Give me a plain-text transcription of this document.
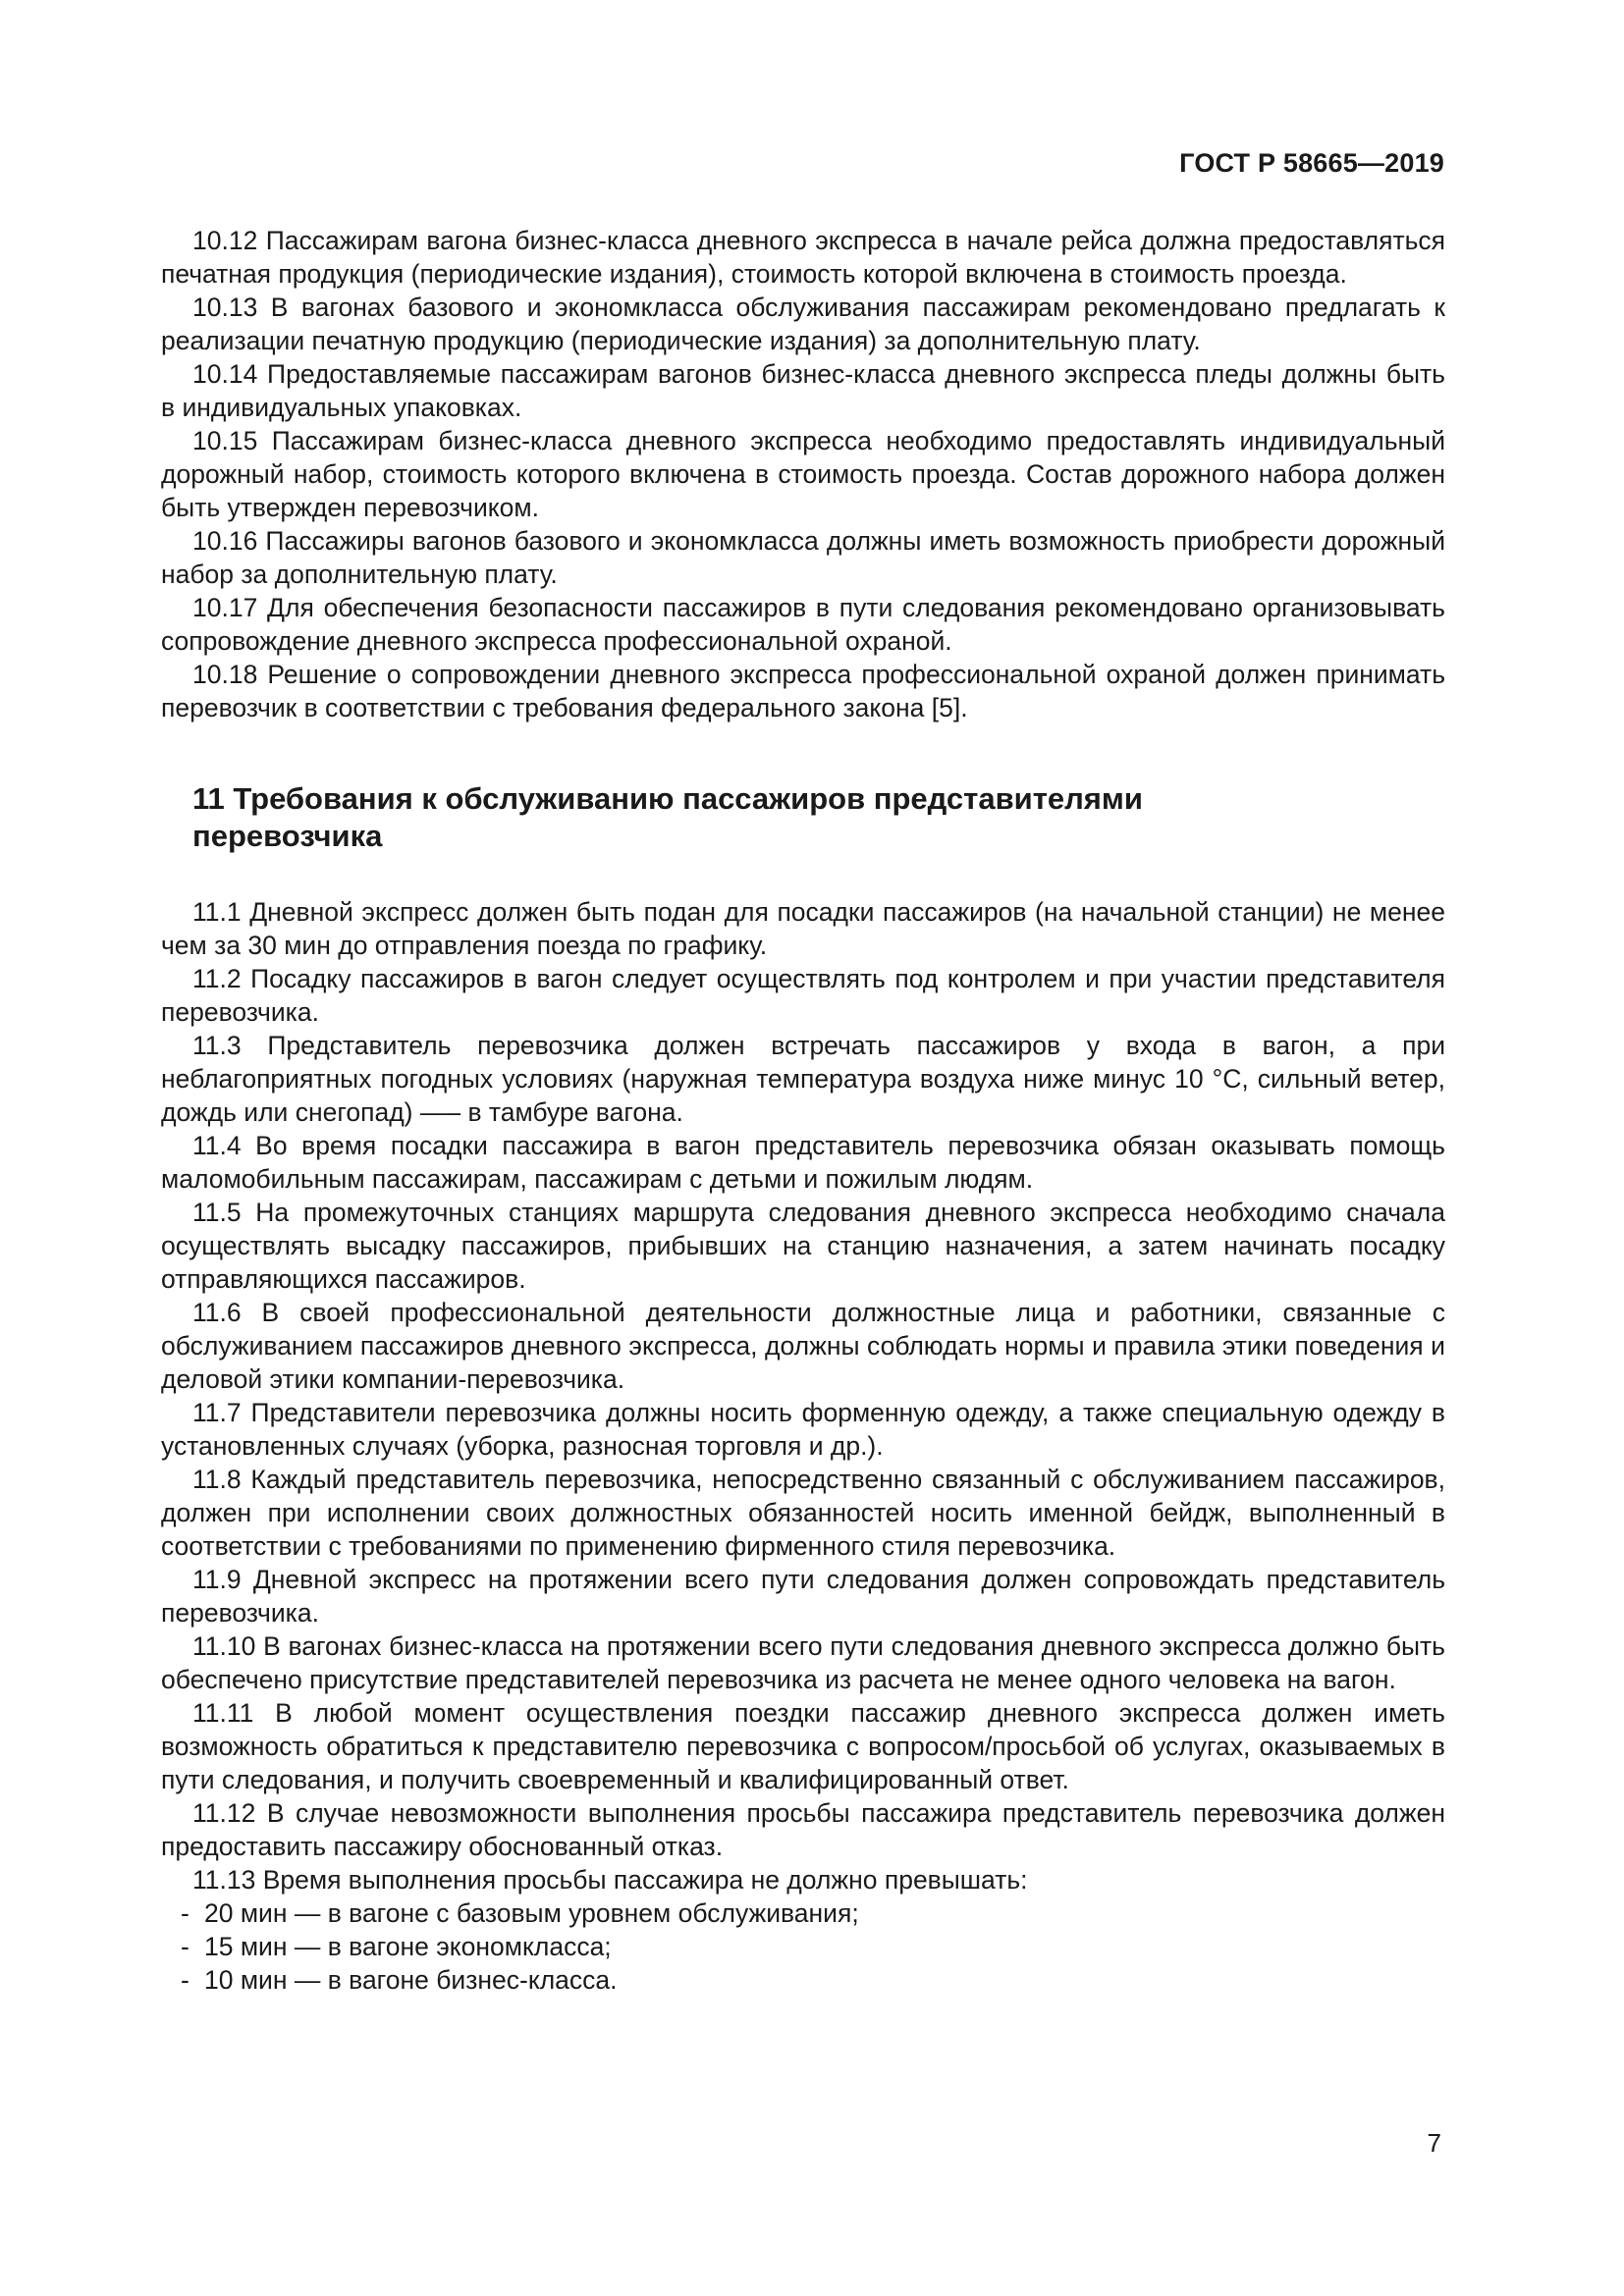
ГОСТ Р 58665—2019

10.12 Пассажирам вагона бизнес-класса дневного экспресса в начале рейса должна предоставляться печатная продукция (периодические издания), стоимость которой включена в стоимость проезда.

10.13 В вагонах базового и экономкласса обслуживания пассажирам рекомендовано предлагать к реализации печатную продукцию (периодические издания) за дополнительную плату.

10.14 Предоставляемые пассажирам вагонов бизнес-класса дневного экспресса пледы должны быть в индивидуальных упаковках.

10.15 Пассажирам бизнес-класса дневного экспресса необходимо предоставлять индивидуальный дорожный набор, стоимость которого включена в стоимость проезда. Состав дорожного набора должен быть утвержден перевозчиком.

10.16 Пассажиры вагонов базового и экономкласса должны иметь возможность приобрести дорожный набор за дополнительную плату.

10.17 Для обеспечения безопасности пассажиров в пути следования рекомендовано организовывать сопровождение дневного экспресса профессиональной охраной.

10.18 Решение о сопровождении дневного экспресса профессиональной охраной должен принимать перевозчик в соответствии с требования федерального закона [5].

11 Требования к обслуживанию пассажиров представителями перевозчика

11.1 Дневной экспресс должен быть подан для посадки пассажиров (на начальной станции) не менее чем за 30 мин до отправления поезда по графику.

11.2 Посадку пассажиров в вагон следует осуществлять под контролем и при участии представителя перевозчика.

11.3 Представитель перевозчика должен встречать пассажиров у входа в вагон, а при неблагоприятных погодных условиях (наружная температура воздуха ниже минус 10 °С, сильный ветер, дождь или снегопад) —– в тамбуре вагона.

11.4 Во время посадки пассажира в вагон представитель перевозчика обязан оказывать помощь маломобильным пассажирам, пассажирам с детьми и пожилым людям.

11.5 На промежуточных станциях маршрута следования дневного экспресса необходимо сначала осуществлять высадку пассажиров, прибывших на станцию назначения, а затем начинать посадку отправляющихся пассажиров.

11.6 В своей профессиональной деятельности должностные лица и работники, связанные с обслуживанием пассажиров дневного экспресса, должны соблюдать нормы и правила этики поведения и деловой этики компании-перевозчика.

11.7 Представители перевозчика должны носить форменную одежду, а также специальную одежду в установленных случаях (уборка, разносная торговля и др.).

11.8 Каждый представитель перевозчика, непосредственно связанный с обслуживанием пассажиров, должен при исполнении своих должностных обязанностей носить именной бейдж, выполненный в соответствии с требованиями по применению фирменного стиля перевозчика.

11.9 Дневной экспресс на протяжении всего пути следования должен сопровождать представитель перевозчика.

11.10 В вагонах бизнес-класса на протяжении всего пути следования дневного экспресса должно быть обеспечено присутствие представителей перевозчика из расчета не менее одного человека на вагон.

11.11 В любой момент осуществления поездки пассажир дневного экспресса должен иметь возможность обратиться к представителю перевозчика с вопросом/просьбой об услугах, оказываемых в пути следования, и получить своевременный и квалифицированный ответ.

11.12 В случае невозможности выполнения просьбы пассажира представитель перевозчика должен предоставить пассажиру обоснованный отказ.

11.13 Время выполнения просьбы пассажира не должно превышать:

- 20 мин — в вагоне с базовым уровнем обслуживания;
- 15 мин — в вагоне экономкласса;
- 10 мин — в вагоне бизнес-класса.
7
